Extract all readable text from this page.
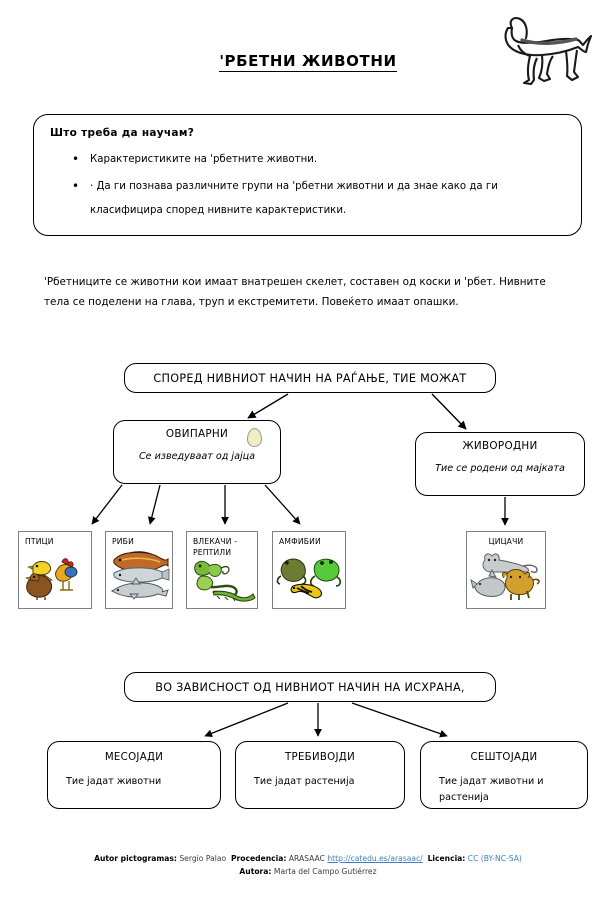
'РБЕТНИ ЖИВОТНИ
Што треба да научам?
• Карактеристиките на 'рбетните животни.
• · Да ги познава различните групи на 'рбетни животни и да знае како да ги класифицира според нивните карактеристики.
'Рбетниците се животни кои имаат внатрешен скелет, составен од коски и 'рбет. Нивните тела се поделени на глава, труп и екстремитети. Повеќето имаат опашки.
СПОРЕД НИВНИОТ НАЧИН НА РАЃАЊЕ, ТИЕ МОЖАТ
ОВИПАРНИ
Се изведуваат од јајца
ЖИВОРОДНИ
Тие се родени од мајката
ПТИЦИ	РИБИ	ВЛЕКАЧИ -
РЕПТИЛИ
АМФИБИИ	ЦИЦАЧИ
ВО ЗАВИСНОСТ ОД НИВНИОТ НАЧИН НА ИСХРАНА,
МЕСОЈАДИ
Тие јадат животни
ТРЕБИВОЈДИ
Тие јадат растенија
СЕШТОЈАДИ
Тие јадат животни и растенија
Autor pictogramas: Sergio Palao Procedencia: ARASAAC http://catedu.es/arasaac/ Licencia: CC (BY-NC-SA)
Autora: Marta del Campo Gutiérrez
